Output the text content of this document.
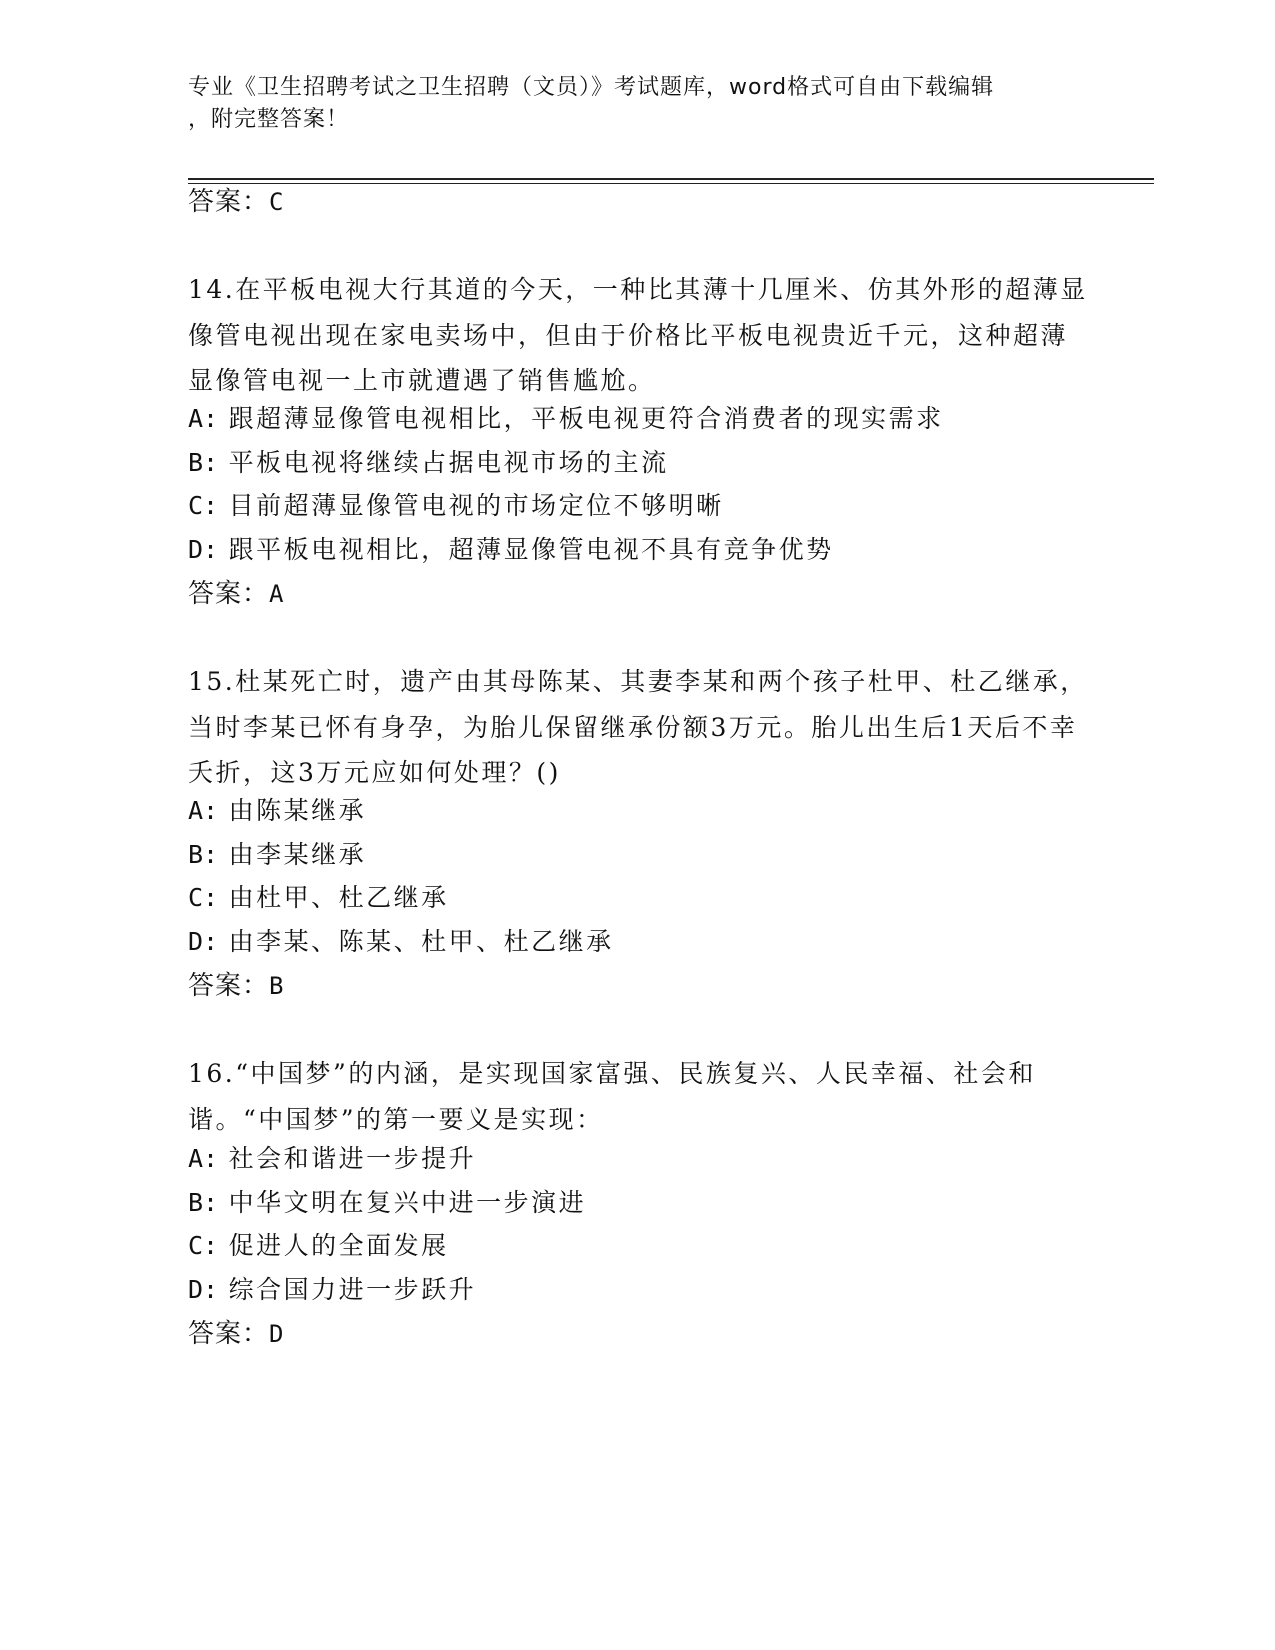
专业《卫生招聘考试之卫生招聘（文员）》考试题库，word格式可自由下载编辑
，附完整答案！
答案：C
14.在平板电视大行其道的今天，一种比其薄十几厘米、仿其外形的超薄显像管电视出现在家电卖场中，但由于价格比平板电视贵近千元，这种超薄显像管电视一上市就遭遇了销售尴尬。
A: 跟超薄显像管电视相比，平板电视更符合消费者的现实需求
B: 平板电视将继续占据电视市场的主流
C: 目前超薄显像管电视的市场定位不够明晰
D: 跟平板电视相比，超薄显像管电视不具有竞争优势
答案：A
15.杜某死亡时，遗产由其母陈某、其妻李某和两个孩子杜甲、杜乙继承，当时李某已怀有身孕，为胎儿保留继承份额3万元。胎儿出生后1天后不幸夭折，这3万元应如何处理？()
A: 由陈某继承
B: 由李某继承
C: 由杜甲、杜乙继承
D: 由李某、陈某、杜甲、杜乙继承
答案：B
16.“中国梦”的内涵，是实现国家富强、民族复兴、人民幸福、社会和谐。“中国梦”的第一要义是实现：
A: 社会和谐进一步提升
B: 中华文明在复兴中进一步演进
C: 促进人的全面发展
D: 综合国力进一步跃升
答案：D
